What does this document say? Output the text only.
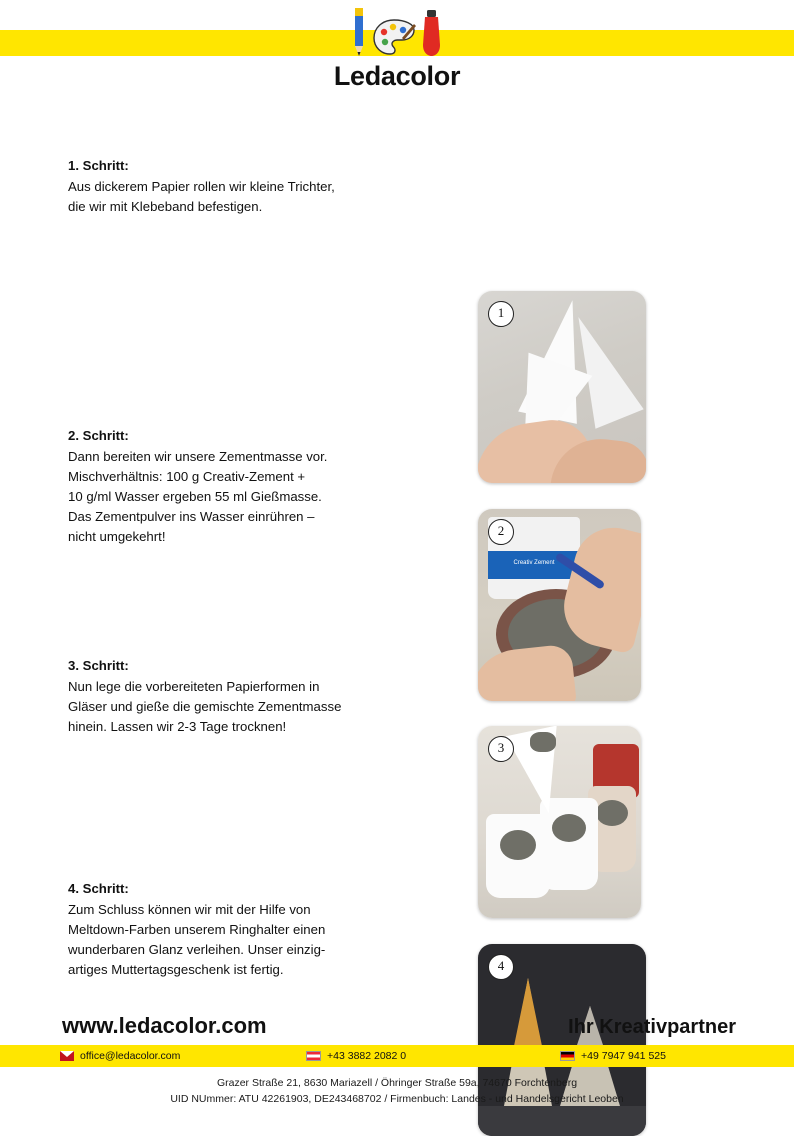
Ledacolor
1. Schritt:

Aus dickerem Papier rollen wir kleine Trichter,

die wir mit Klebeband befestigen.

2. Schritt:

Dann bereiten wir unsere Zementmasse vor.

Mischverhältnis: 100 g Creativ-Zement +

10 g/ml Wasser ergeben 55 ml Gießmasse.

Das Zementpulver ins Wasser einrühren –

nicht umgekehrt!

3. Schritt:

Nun lege die vorbereiteten Papierformen in

Gläser und gieße die gemischte Zementmasse

hinein. Lassen wir 2-3 Tage trocknen!

4. Schritt:

Zum Schluss können wir mit der Hilfe von

Meltdown-Farben unserem Ringhalter einen

wunderbaren Glanz verleihen. Unser einzig-

artiges Muttertagsgeschenk ist fertig.

1
Creativ Zement
2
3
4
www.ledacolor.com	Ihr Kreativpartner
office@ledacolor.com	+43 3882 2082 0	+49 7947 941 525
Grazer Straße 21, 8630 Mariazell / Öhringer Straße 59a, 74670 Forchtenberg
UID NUmmer: ATU 42261903, DE243468702 / Firmenbuch: Landes - und Handelsgericht Leoben
